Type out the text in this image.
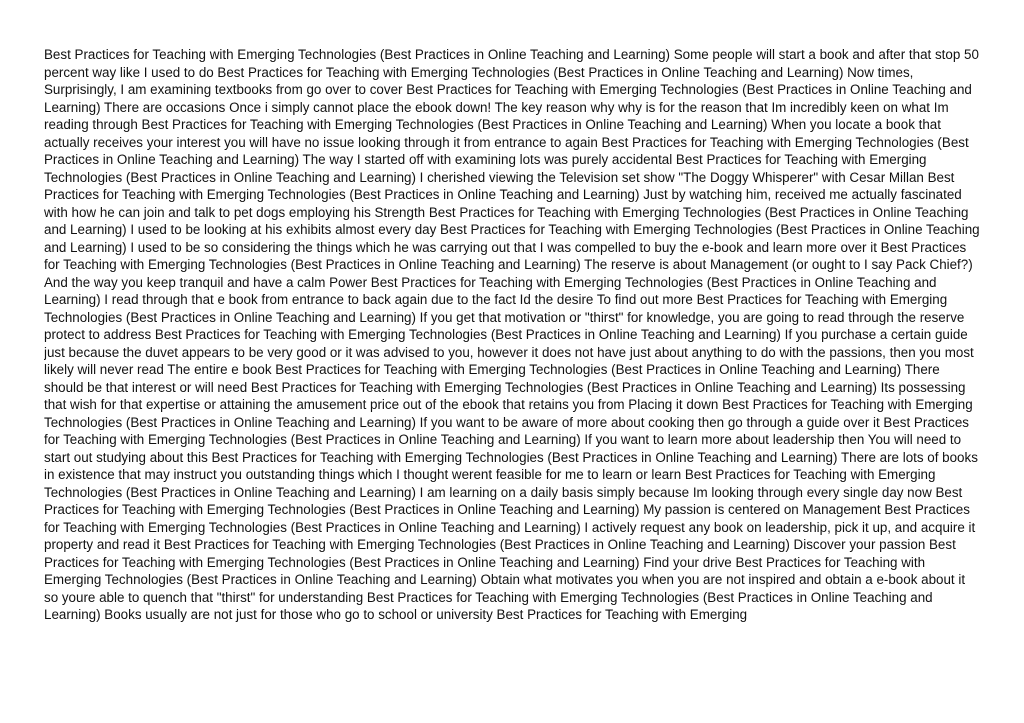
Best Practices for Teaching with Emerging Technologies (Best Practices in Online Teaching and Learning) Some people will start a book and after that stop 50 percent way like I used to do Best Practices for Teaching with Emerging Technologies (Best Practices in Online Teaching and Learning) Now times, Surprisingly, I am examining textbooks from go over to cover Best Practices for Teaching with Emerging Technologies (Best Practices in Online Teaching and Learning) There are occasions Once i simply cannot place the ebook down! The key reason why why is for the reason that Im incredibly keen on what Im reading through Best Practices for Teaching with Emerging Technologies (Best Practices in Online Teaching and Learning) When you locate a book that actually receives your interest you will have no issue looking through it from entrance to again Best Practices for Teaching with Emerging Technologies (Best Practices in Online Teaching and Learning) The way I started off with examining lots was purely accidental Best Practices for Teaching with Emerging Technologies (Best Practices in Online Teaching and Learning) I cherished viewing the Television set show "The Doggy Whisperer" with Cesar Millan Best Practices for Teaching with Emerging Technologies (Best Practices in Online Teaching and Learning) Just by watching him, received me actually fascinated with how he can join and talk to pet dogs employing his Strength Best Practices for Teaching with Emerging Technologies (Best Practices in Online Teaching and Learning) I used to be looking at his exhibits almost every day Best Practices for Teaching with Emerging Technologies (Best Practices in Online Teaching and Learning) I used to be so considering the things which he was carrying out that I was compelled to buy the e-book and learn more over it Best Practices for Teaching with Emerging Technologies (Best Practices in Online Teaching and Learning) The reserve is about Management (or ought to I say Pack Chief?) And the way you keep tranquil and have a calm Power Best Practices for Teaching with Emerging Technologies (Best Practices in Online Teaching and Learning) I read through that e book from entrance to back again due to the fact Id the desire To find out more Best Practices for Teaching with Emerging Technologies (Best Practices in Online Teaching and Learning) If you get that motivation or "thirst" for knowledge, you are going to read through the reserve protect to address Best Practices for Teaching with Emerging Technologies (Best Practices in Online Teaching and Learning) If you purchase a certain guide just because the duvet appears to be very good or it was advised to you, however it does not have just about anything to do with the passions, then you most likely will never read The entire e book Best Practices for Teaching with Emerging Technologies (Best Practices in Online Teaching and Learning) There should be that interest or will need Best Practices for Teaching with Emerging Technologies (Best Practices in Online Teaching and Learning) Its possessing that wish for that expertise or attaining the amusement price out of the ebook that retains you from Placing it down Best Practices for Teaching with Emerging Technologies (Best Practices in Online Teaching and Learning) If you want to be aware of more about cooking then go through a guide over it Best Practices for Teaching with Emerging Technologies (Best Practices in Online Teaching and Learning) If you want to learn more about leadership then You will need to start out studying about this Best Practices for Teaching with Emerging Technologies (Best Practices in Online Teaching and Learning) There are lots of books in existence that may instruct you outstanding things which I thought werent feasible for me to learn or learn Best Practices for Teaching with Emerging Technologies (Best Practices in Online Teaching and Learning) I am learning on a daily basis simply because Im looking through every single day now Best Practices for Teaching with Emerging Technologies (Best Practices in Online Teaching and Learning) My passion is centered on Management Best Practices for Teaching with Emerging Technologies (Best Practices in Online Teaching and Learning) I actively request any book on leadership, pick it up, and acquire it property and read it Best Practices for Teaching with Emerging Technologies (Best Practices in Online Teaching and Learning) Discover your passion Best Practices for Teaching with Emerging Technologies (Best Practices in Online Teaching and Learning) Find your drive Best Practices for Teaching with Emerging Technologies (Best Practices in Online Teaching and Learning) Obtain what motivates you when you are not inspired and obtain a e-book about it so youre able to quench that "thirst" for understanding Best Practices for Teaching with Emerging Technologies (Best Practices in Online Teaching and Learning) Books usually are not just for those who go to school or university Best Practices for Teaching with Emerging
